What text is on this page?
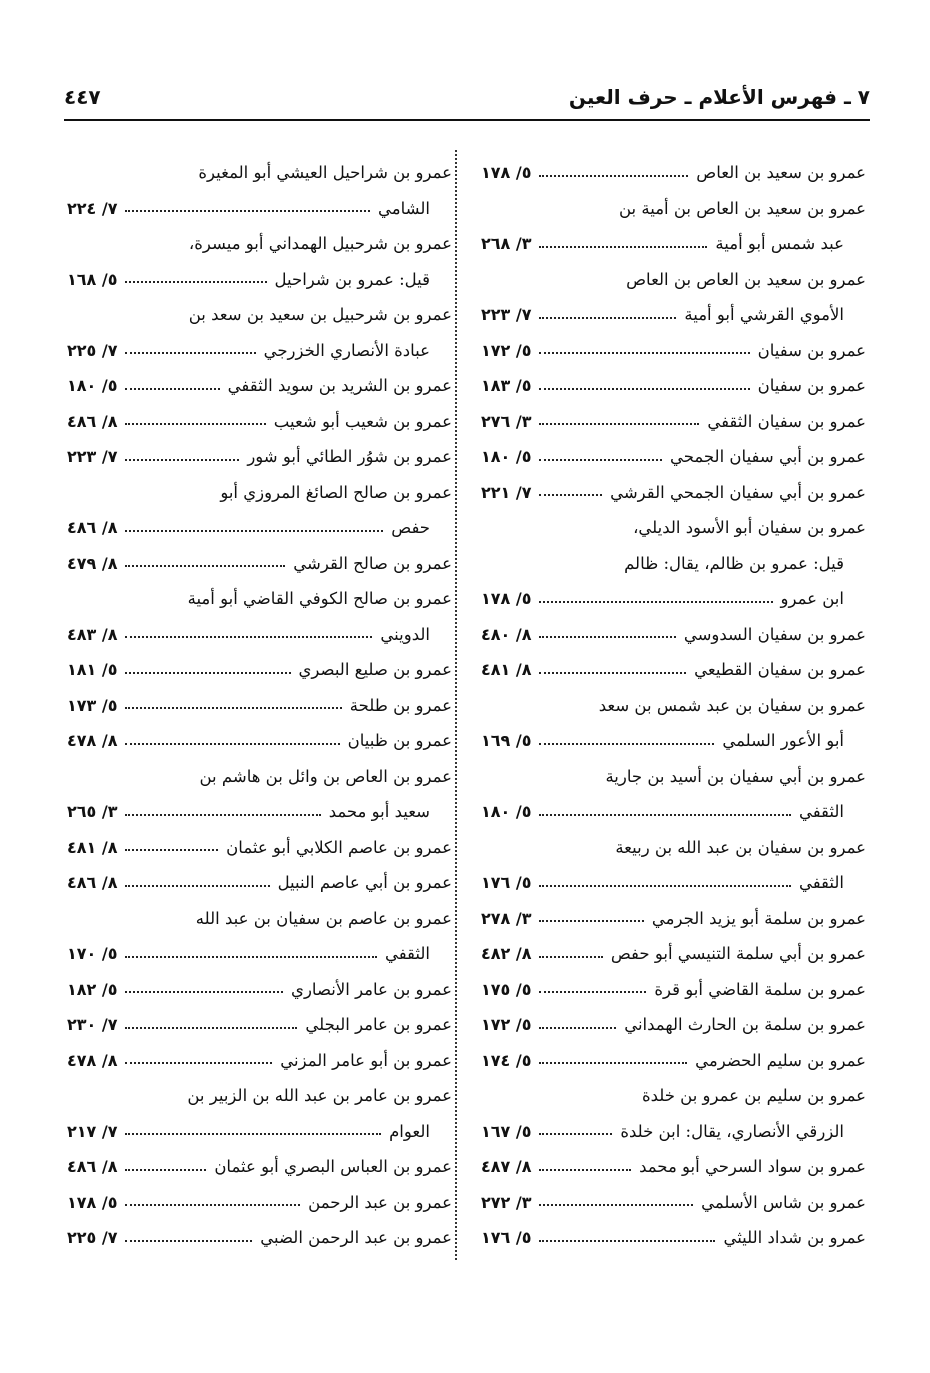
٧ ـ فهرس الأعلام ـ حرف العين
٤٤٧
عمرو بن سعيد بن العاص
٥/ ١٧٨
عمرو بن سعيد بن العاص بن أمية بن
عبد شمس أبو أمية
٣/ ٢٦٨
عمرو بن سعيد بن العاص بن العاص
الأموي القرشي أبو أمية
٧/ ٢٢٣
عمرو بن سفيان
٥/ ١٧٢
عمرو بن سفيان
٥/ ١٨٣
عمرو بن سفيان الثقفي
٣/ ٢٧٦
عمرو بن أبي سفيان الجمحي
٥/ ١٨٠
عمرو بن أبي سفيان الجمحي القرشي
٧/ ٢٢١
عمرو بن سفيان أبو الأسود الديلي،
قيل: عمرو بن ظالم، يقال: ظالم
ابن عمرو
٥/ ١٧٨
عمرو بن سفيان السدوسي
٨/ ٤٨٠
عمرو بن سفيان القطيعي
٨/ ٤٨١
عمرو بن سفيان بن عبد شمس بن سعد
أبو الأعور السلمي
٥/ ١٦٩
عمرو بن أبي سفيان بن أسيد بن جارية
الثقفي
٥/ ١٨٠
عمرو بن سفيان بن عبد الله بن ربيعة
الثقفي
٥/ ١٧٦
عمرو بن سلمة أبو يزيد الجرمي
٣/ ٢٧٨
عمرو بن أبي سلمة التنيسي أبو حفص
٨/ ٤٨٢
عمرو بن سلمة القاضي أبو قرة
٥/ ١٧٥
عمرو بن سلمة بن الحارث الهمداني
٥/ ١٧٢
عمرو بن سليم الحضرمي
٥/ ١٧٤
عمرو بن سليم بن عمرو بن خلدة
الزرقي الأنصاري، يقال: ابن خلدة
٥/ ١٦٧
عمرو بن سواد السرحي أبو محمد
٨/ ٤٨٧
عمرو بن شاس الأسلمي
٣/ ٢٧٢
عمرو بن شداد الليثي
٥/ ١٧٦
عمرو بن شراحيل العيشي أبو المغيرة
الشامي
٧/ ٢٢٤
عمرو بن شرحبيل الهمداني أبو ميسرة،
قيل: عمرو بن شراحيل
٥/ ١٦٨
عمرو بن شرحبيل بن سعيد بن سعد بن
عبادة الأنصاري الخزرجي
٧/ ٢٢٥
عمرو بن الشريد بن سويد الثقفي
٥/ ١٨٠
عمرو بن شعيب أبو شعيب
٨/ ٤٨٦
عمرو بن شوُر الطائي أبو شور
٧/ ٢٢٣
عمرو بن صالح الصائغ المروزي أبو
حفص
٨/ ٤٨٦
عمرو بن صالح القرشي
٨/ ٤٧٩
عمرو بن صالح الكوفي القاضي أبو أمية
الدويني
٨/ ٤٨٣
عمرو بن صليع البصري
٥/ ١٨١
عمرو بن طلحة
٥/ ١٧٣
عمرو بن ظبيان
٨/ ٤٧٨
عمرو بن العاص بن وائل بن هاشم بن
سعيد أبو محمد
٣/ ٢٦٥
عمرو بن عاصم الكلابي أبو عثمان
٨/ ٤٨١
عمرو بن أبي عاصم النبيل
٨/ ٤٨٦
عمرو بن عاصم بن سفيان بن عبد الله
الثقفي
٥/ ١٧٠
عمرو بن عامر الأنصاري
٥/ ١٨٢
عمرو بن عامر البجلي
٧/ ٢٣٠
عمرو بن أبو عامر المزني
٨/ ٤٧٨
عمرو بن عامر بن عبد الله بن الزبير بن
العوام
٧/ ٢١٧
عمرو بن العباس البصري أبو عثمان
٨/ ٤٨٦
عمرو بن عبد الرحمن
٥/ ١٧٨
عمرو بن عبد الرحمن الضبي
٧/ ٢٢٥
